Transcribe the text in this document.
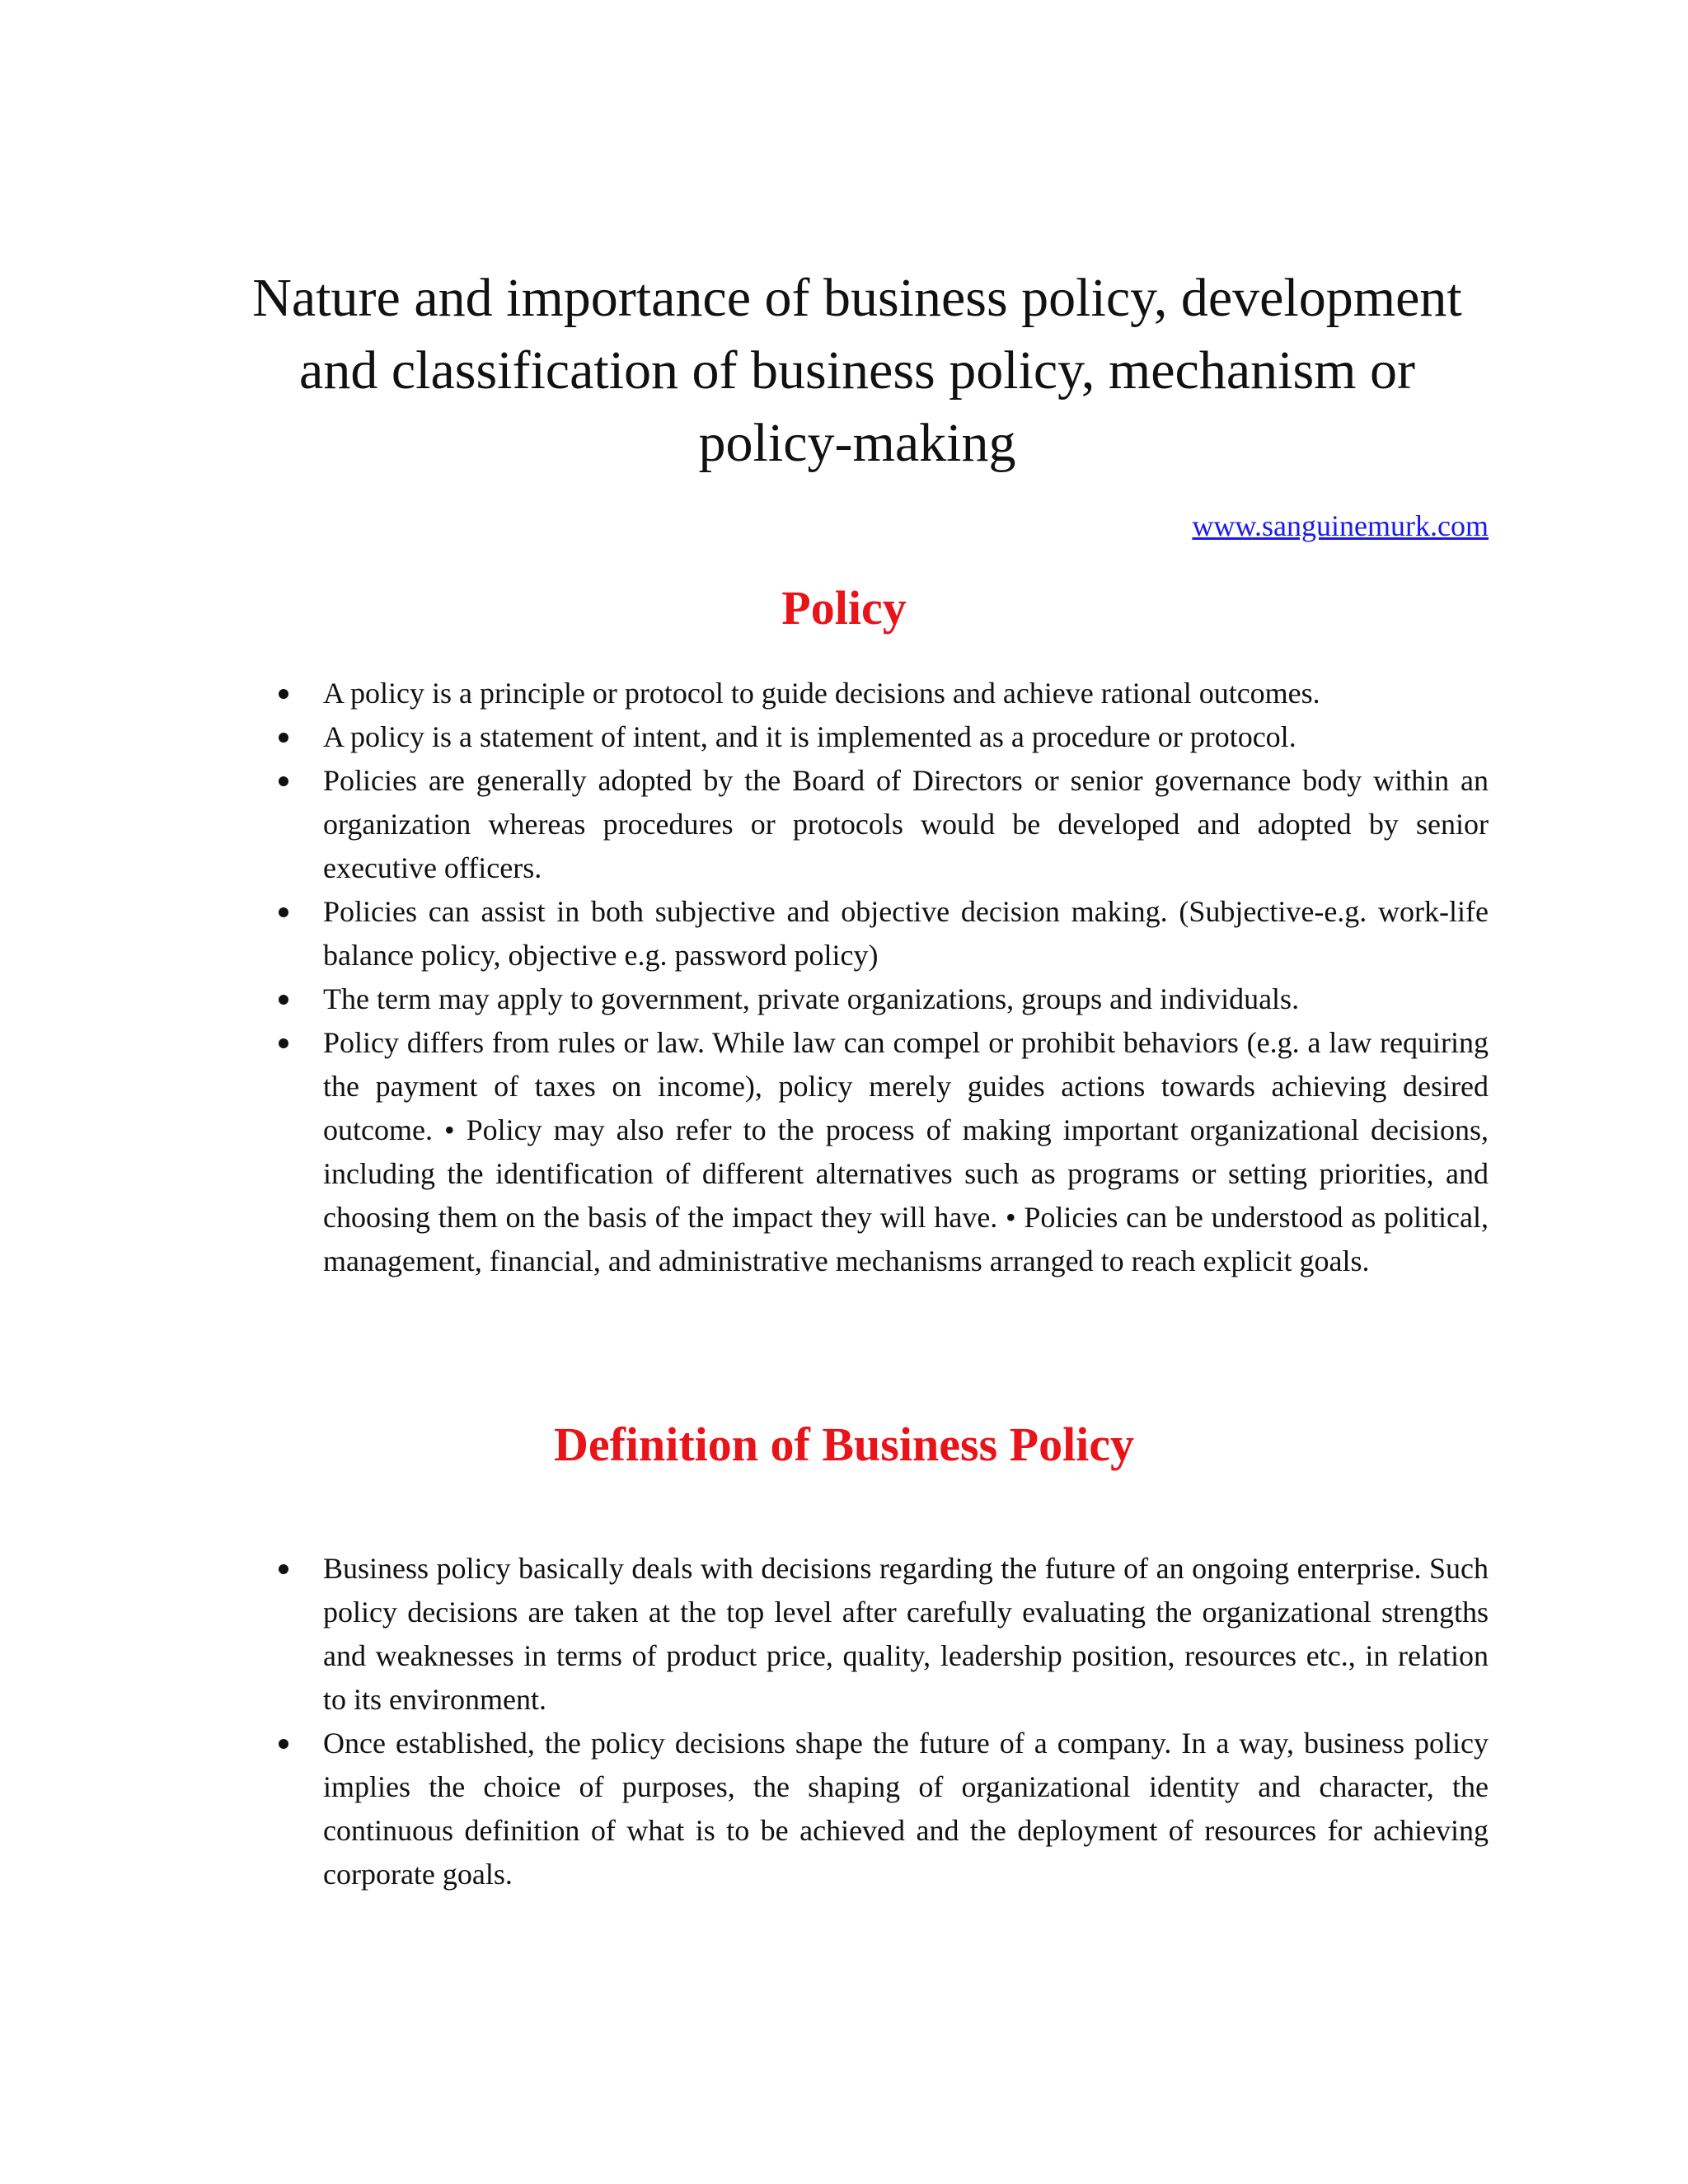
Nature and importance of business policy, development
and classification of business policy, mechanism or
policy-making
www.sanguinemurk.com
Policy
A policy is a principle or protocol to guide decisions and achieve rational outcomes.
A policy is a statement of intent, and it is implemented as a procedure or protocol.
Policies are generally adopted by the Board of Directors or senior governance body within an organization whereas procedures or protocols would be developed and adopted by senior executive officers.
Policies can assist in both subjective and objective decision making. (Subjective-e.g. work-life balance policy, objective e.g. password policy)
The term may apply to government, private organizations, groups and individuals.
Policy differs from rules or law. While law can compel or prohibit behaviors (e.g. a law requiring the payment of taxes on income), policy merely guides actions towards achieving desired outcome. • Policy may also refer to the process of making important organizational decisions, including the identification of different alternatives such as programs or setting priorities, and choosing them on the basis of the impact they will have. • Policies can be understood as political, management, financial, and administrative mechanisms arranged to reach explicit goals.
Definition of Business Policy
Business policy basically deals with decisions regarding the future of an ongoing enterprise. Such policy decisions are taken at the top level after carefully evaluating the organizational strengths and weaknesses in terms of product price, quality, leadership position, resources etc., in relation to its environment.
Once established, the policy decisions shape the future of a company. In a way, business policy implies the choice of purposes, the shaping of organizational identity and character, the continuous definition of what is to be achieved and the deployment of resources for achieving corporate goals.
